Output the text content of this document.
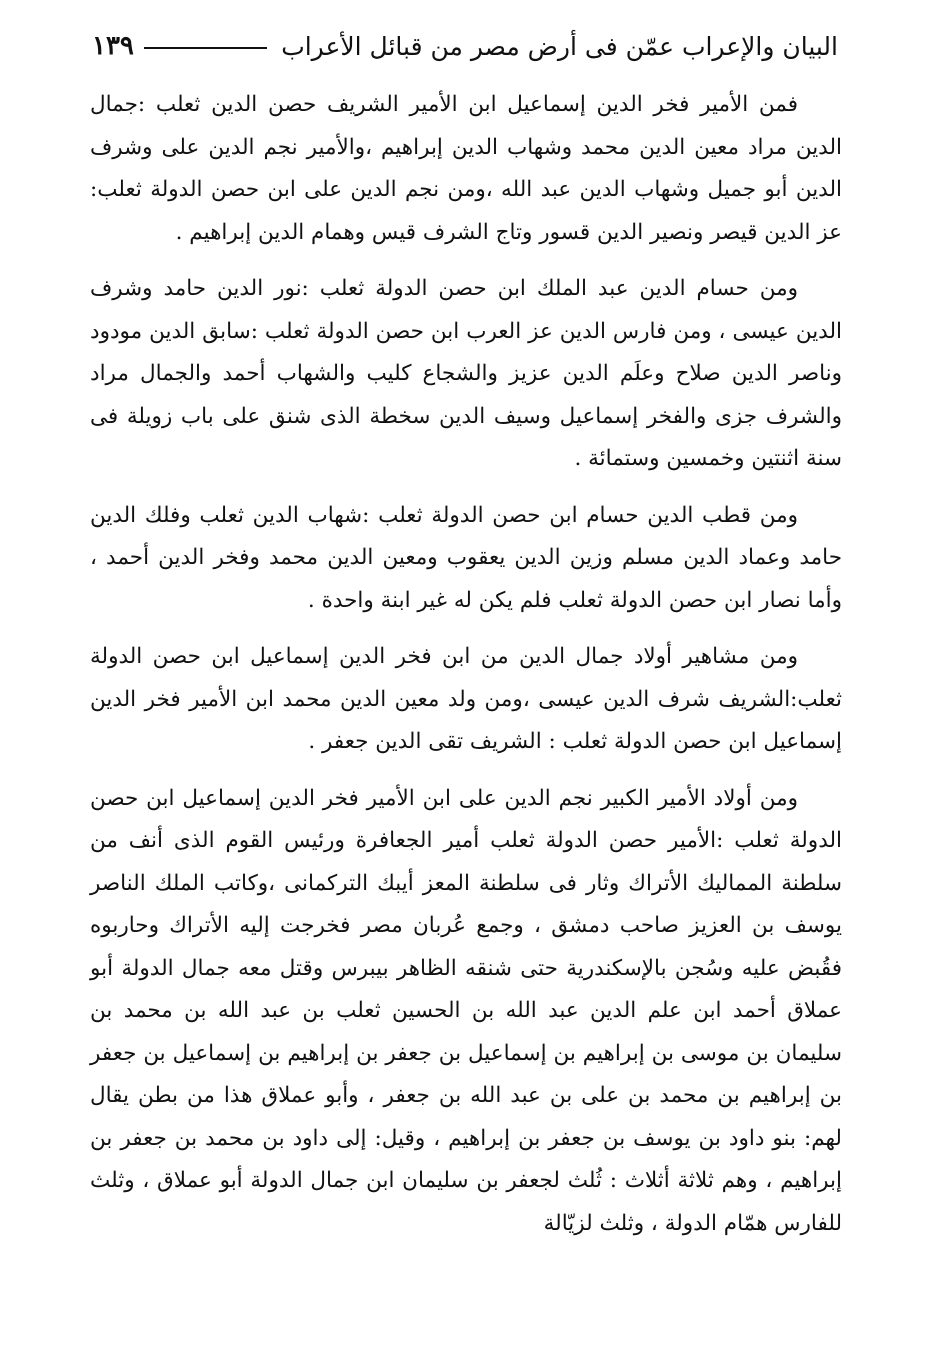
البيان والإعراب عمّن فى أرض مصر من قبائل الأعراب
١٣٩

فمن الأمير فخر الدين إسماعيل ابن الأمير الشريف حصن الدين ثعلب :جمال الدين مراد معين الدين محمد وشهاب الدين إبراهيم ،والأمير نجم الدين على وشرف الدين أبو جميل وشهاب الدين عبد الله ،ومن نجم الدين على ابن حصن الدولة ثعلب: عز الدين قيصر ونصير الدين قسور وتاج الشرف قيس وهمام الدين إبراهيم .

ومن حسام الدين عبد الملك ابن حصن الدولة ثعلب :نور الدين حامد وشرف الدين عيسى ، ومن فارس الدين عز العرب ابن حصن الدولة ثعلب :سابق الدين مودود وناصر الدين صلاح وعلَم الدين عزيز والشجاع كليب والشهاب أحمد والجمال مراد والشرف جزى والفخر إسماعيل وسيف الدين سخطة الذى شنق على باب زويلة فى سنة اثنتين وخمسين وستمائة .

ومن قطب الدين حسام ابن حصن الدولة ثعلب :شهاب الدين ثعلب وفلك الدين حامد وعماد الدين مسلم وزين الدين يعقوب ومعين الدين محمد وفخر الدين أحمد ، وأما نصار ابن حصن الدولة ثعلب فلم يكن له غير ابنة واحدة .

ومن مشاهير أولاد جمال الدين من ابن فخر الدين إسماعيل ابن حصن الدولة ثعلب:الشريف شرف الدين عيسى ،ومن ولد معين الدين محمد ابن الأمير فخر الدين إسماعيل ابن حصن الدولة ثعلب : الشريف تقى الدين جعفر .

ومن أولاد الأمير الكبير نجم الدين على ابن الأمير فخر الدين إسماعيل ابن حصن الدولة ثعلب :الأمير حصن الدولة ثعلب أمير الجعافرة ورئيس القوم الذى أنف من سلطنة المماليك الأتراك وثار فى سلطنة المعز أيبك التركمانى ،وكاتب الملك الناصر يوسف بن العزيز صاحب دمشق ، وجمع عُربان مصر فخرجت إليه الأتراك وحاربوه فقُبض عليه وسُجن بالإسكندرية حتى شنقه الظاهر بيبرس وقتل معه جمال الدولة أبو عملاق أحمد ابن علم الدين عبد الله بن الحسين ثعلب بن عبد الله بن محمد بن سليمان بن موسى بن إبراهيم بن إسماعيل بن جعفر بن إبراهيم بن إسماعيل بن جعفر بن إبراهيم بن محمد بن على بن عبد الله بن جعفر ، وأبو عملاق هذا من بطن يقال لهم: بنو داود بن يوسف بن جعفر بن إبراهيم ، وقيل: إلى داود بن محمد بن جعفر بن إبراهيم ، وهم ثلاثة أثلاث : ثُلث لجعفر بن سليمان ابن جمال الدولة أبو عملاق ، وثلث للفارس همّام الدولة ، وثلث لزيّالة
